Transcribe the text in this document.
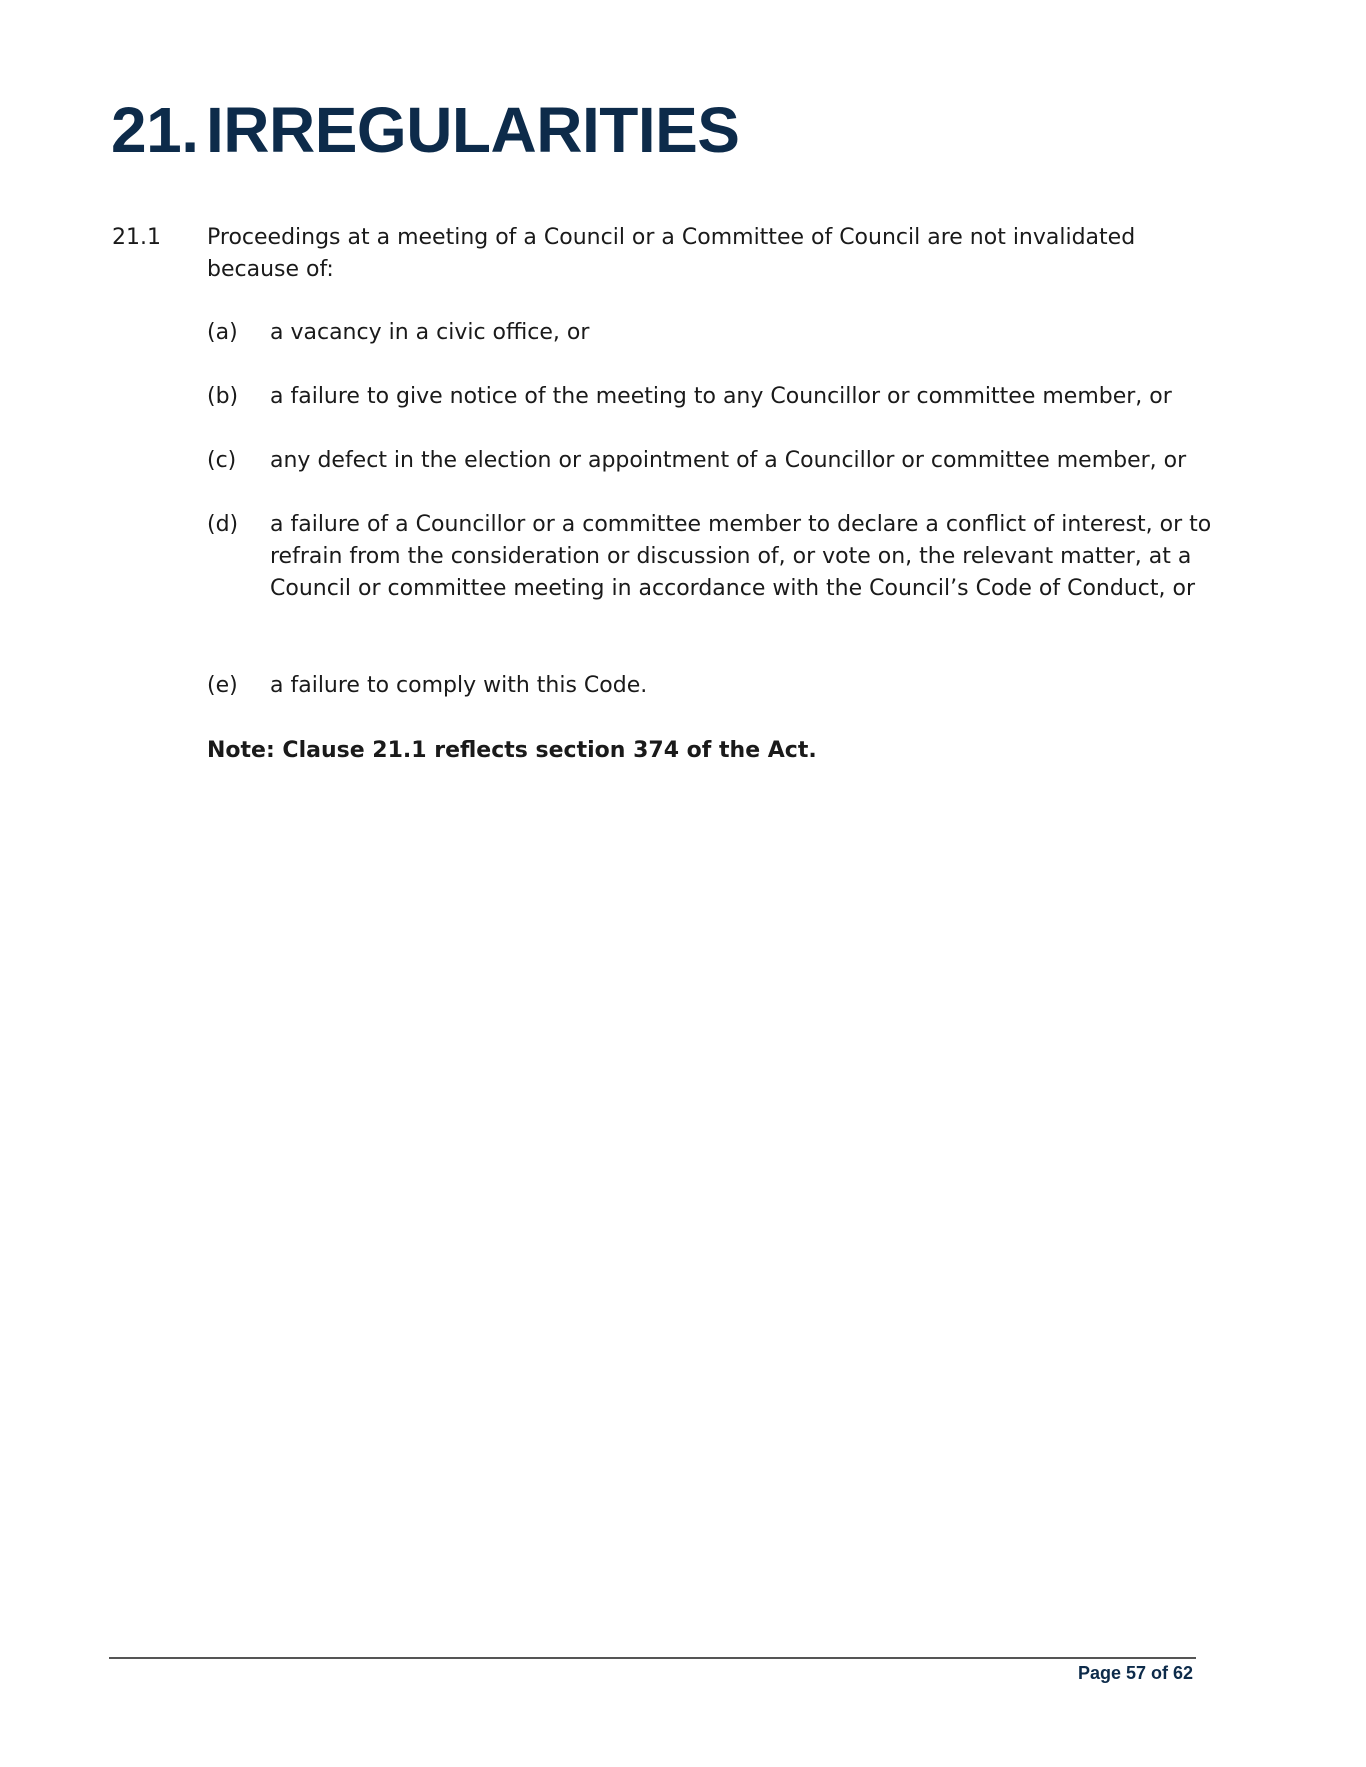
21. IRREGULARITIES
21.1 Proceedings at a meeting of a Council or a Committee of Council are not invalidated because of:
(a) a vacancy in a civic office, or
(b) a failure to give notice of the meeting to any Councillor or committee member, or
(c) any defect in the election or appointment of a Councillor or committee member, or
(d) a failure of a Councillor or a committee member to declare a conflict of interest, or to refrain from the consideration or discussion of, or vote on, the relevant matter, at a Council or committee meeting in accordance with the Council’s Code of Conduct, or
(e) a failure to comply with this Code.
Note: Clause 21.1 reflects section 374 of the Act.
Page 57 of 62
